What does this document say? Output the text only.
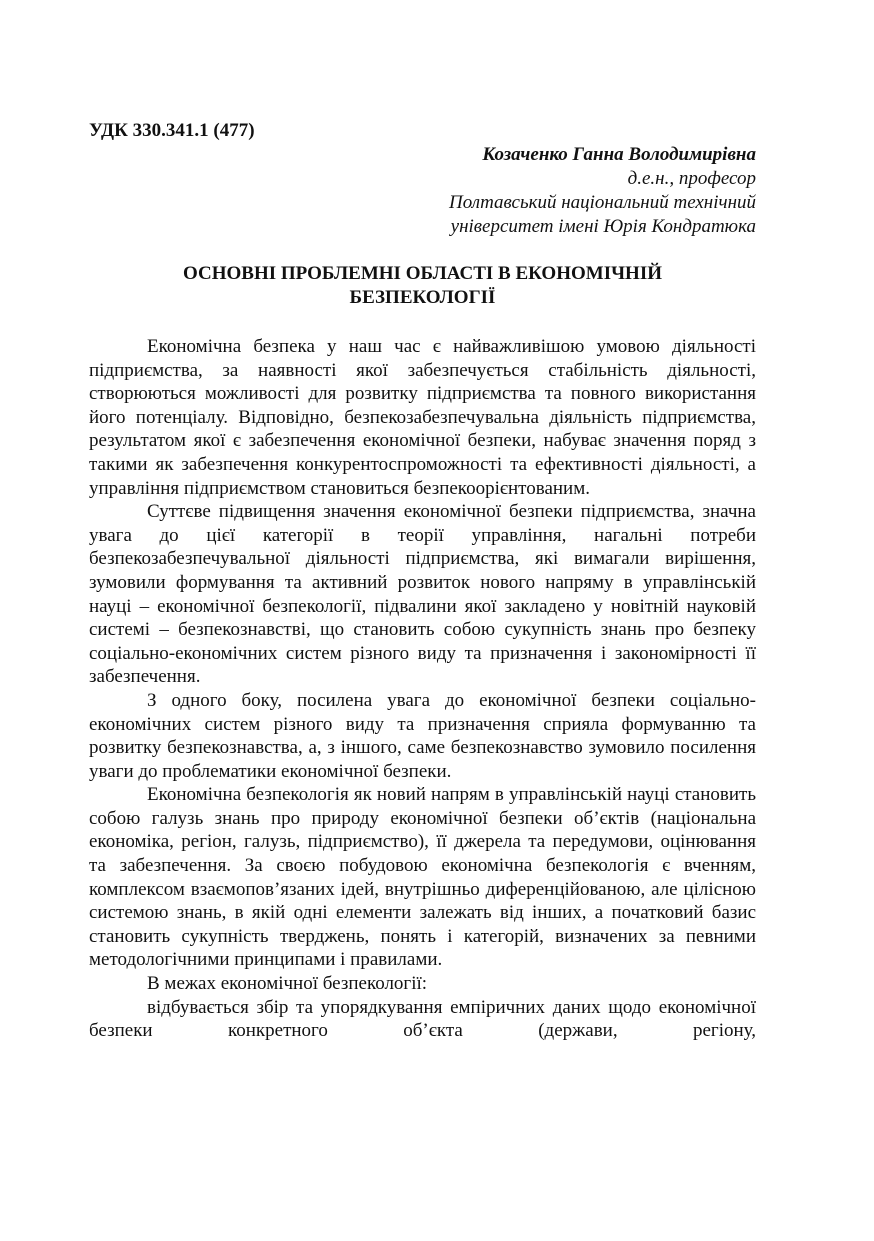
УДК 330.341.1 (477)

Козаченко Ганна Володимирівна
д.е.н., професор
Полтавський національний технічний
університет імені Юрія Кондратюка
ОСНОВНІ ПРОБЛЕМНІ ОБЛАСТІ В ЕКОНОМІЧНІЙ
БЕЗПЕКОЛОГІЇ

Економічна безпека у наш час є найважливішою умовою діяльності підприємства, за наявності якої забезпечується стабільність діяльності, створюються можливості для розвитку підприємства та повного використання його потенціалу. Відповідно, безпекозабезпечувальна діяльність підприємства, результатом якої є забезпечення економічної безпеки, набуває значення поряд з такими як забезпечення конкурентоспроможності та ефективності діяльності, а управління підприємством становиться безпекоорієнтованим.

Суттєве підвищення значення економічної безпеки підприємства, значна увага до цієї категорії в теорії управління, нагальні потреби безпекозабезпечувальної діяльності підприємства, які вимагали вирішення, зумовили формування та активний розвиток нового напряму в управлінській науці – економічної безпекології, підвалини якої закладено у новітній науковій системі – безпекознавстві, що становить собою сукупність знань про безпеку соціально-економічних систем різного виду та призначення і закономірності її забезпечення.

З одного боку, посилена увага до економічної безпеки соціально-економічних систем різного виду та призначення сприяла формуванню та розвитку безпекознавства, а, з іншого, саме безпекознавство зумовило посилення уваги до проблематики економічної безпеки.

Економічна безпекологія як новий напрям в управлінській науці становить собою галузь знань про природу економічної безпеки об’єктів (національна економіка, регіон, галузь, підприємство), її джерела та передумови, оцінювання та забезпечення. За своєю побудовою економічна безпекологія є вченням, комплексом взаємопов’язаних ідей, внутрішньо диференційованою, але цілісною системою знань, в якій одні елементи залежать від інших, а початковий базис становить сукупність тверджень, понять і категорій, визначених за певними методологічними принципами і правилами.

В межах економічної безпекології:

відбувається збір та упорядкування емпіричних даних щодо економічної безпеки конкретного об’єкта (держави, регіону,
